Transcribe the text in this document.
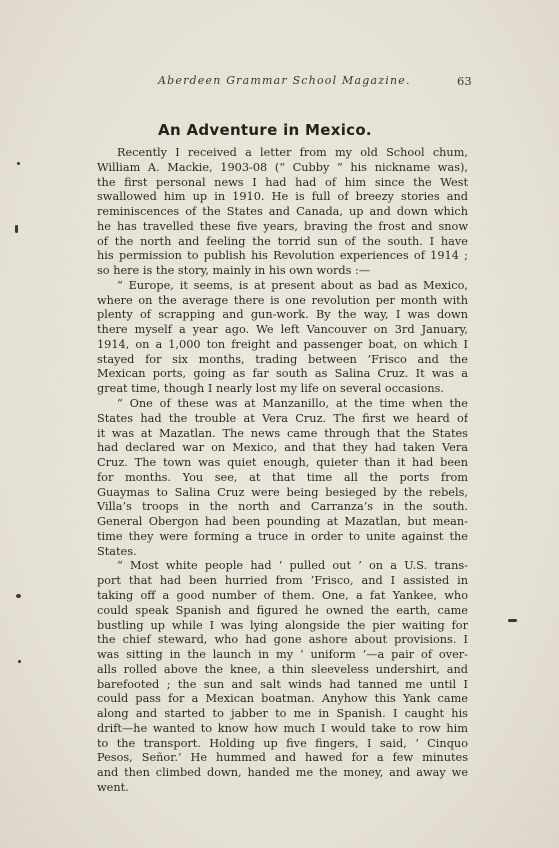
Aberdeen Grammar School Magazine.	63
An Adventure in Mexico.
Recently I received a letter from my old School chum,
William A. Mackie, 1903-08 (“ Cubby ” his nickname was),
the first personal news I had had of him since the West
swallowed him up in 1910. He is full of breezy stories and
reminiscences of the States and Canada, up and down which
he has travelled these five years, braving the frost and snow
of the north and feeling the torrid sun of the south. I have
his permission to publish his Revolution experiences of 1914 ;
so here is the story, mainly in his own words :—
“ Europe, it seems, is at present about as bad as Mexico,
where on the average there is one revolution per month with
plenty of scrapping and gun-work. By the way, I was down
there myself a year ago. We left Vancouver on 3rd January,
1914, on a 1,000 ton freight and passenger boat, on which I
stayed for six months, trading between ’Frisco and the
Mexican ports, going as far south as Salina Cruz. It was a
great time, though I nearly lost my life on several occasions.
“ One of these was at Manzanillo, at the time when the
States had the trouble at Vera Cruz. The first we heard of
it was at Mazatlan. The news came through that the States
had declared war on Mexico, and that they had taken Vera
Cruz. The town was quiet enough, quieter than it had been
for months. You see, at that time all the ports from
Guaymas to Salina Cruz were being besieged by the rebels,
Villa’s troops in the north and Carranza’s in the south.
General Obergon had been pounding at Mazatlan, but mean-
time they were forming a truce in order to unite against the
States.
“ Most white people had ‘ pulled out ’ on a U.S. trans-
port that had been hurried from ’Frisco, and I assisted in
taking off a good number of them. One, a fat Yankee, who
could speak Spanish and figured he owned the earth, came
bustling up while I was lying alongside the pier waiting for
the chief steward, who had gone ashore about provisions. I
was sitting in the launch in my ‘ uniform ’—a pair of over-
alls rolled above the knee, a thin sleeveless undershirt, and
barefooted ; the sun and salt winds had tanned me until I
could pass for a Mexican boatman. Anyhow this Yank came
along and started to jabber to me in Spanish. I caught his
drift—he wanted to know how much I would take to row him
to the transport. Holding up five fingers, I said, ‘ Cinquo
Pesos, Señor.’ He hummed and hawed for a few minutes
and then climbed down, handed me the money, and away we
went.
